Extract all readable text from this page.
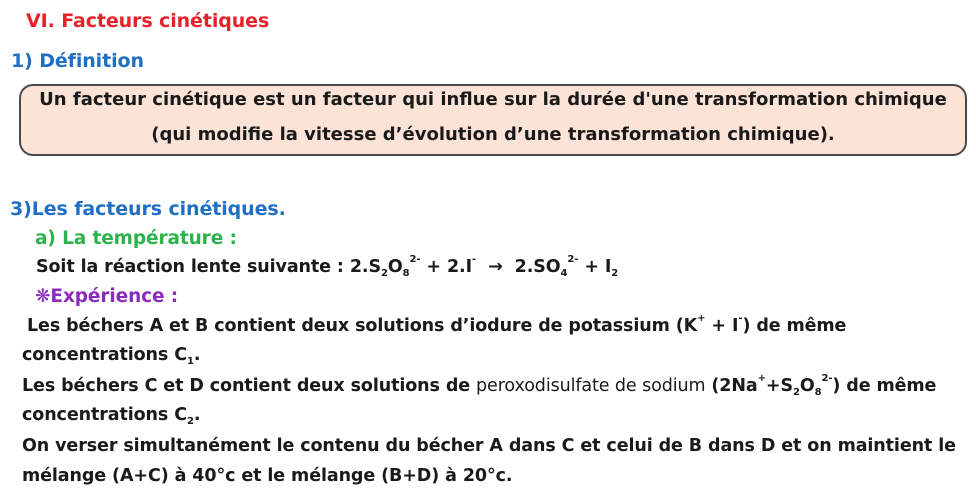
VI. Facteurs cinétiques
1) Définition
Un facteur cinétique est un facteur qui influe sur la durée d'une transformation chimique
(qui modifie la vitesse d’évolution d’une transformation chimique).
3)Les facteurs cinétiques.
a) La température :
Soit la réaction lente suivante : $2.S_2O_8^{2-} + 2.I^- \to 2.SO_4^{2-} + I_2$
❋Expérience :
Les béchers A et B contient deux solutions d’iodure de potassium (K+ + I-) de même
concentrations $C_1$.
Les béchers C et D contient deux solutions de peroxodisulfate de sodium $(2Na^++S_2O_8^{2-})$ de même
concentrations $C_2$.
On verser simultanément le contenu du bécher A dans C et celui de B dans D et on maintient le
mélange (A+C) à 40°c et le mélange (B+D) à 20°c.
